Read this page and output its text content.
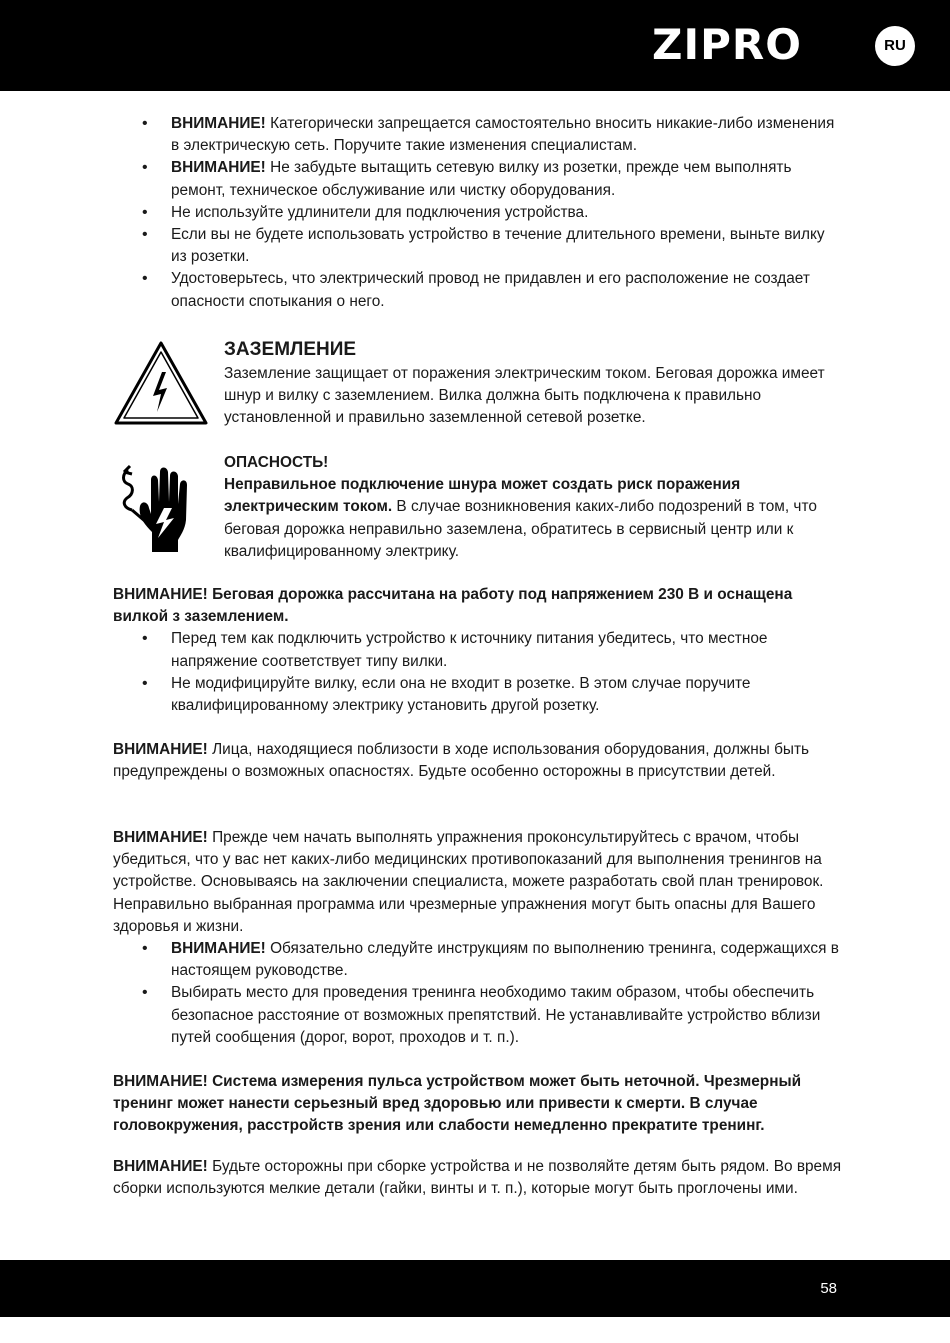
ZIPRO	RU
• ВНИМАНИЕ! Категорически запрещается самостоятельно вносить никакие-либо изменения в электрическую сеть. Поручите такие изменения специалистам.
• ВНИМАНИЕ! Не забудьте вытащить сетевую вилку из розетки, прежде чем выполнять ремонт, техническое обслуживание или чистку оборудования.
• Не используйте удлинители для подключения устройства.
• Если вы не будете использовать устройство в течение длительного времени, выньте вилку из розетки.
• Удостоверьтесь, что электрический провод не придавлен и его расположение не создает опасности спотыкания о него.
ЗАЗЕМЛЕНИЕ

Заземление защищает от поражения электрическим током. Беговая дорожка имеет шнур и вилку с заземлением. Вилка должна быть подключена к правильно установленной и правильно заземленной сетевой розетке.

ОПАСНОСТЬ!

Неправильное подключение шнура может создать риск поражения электрическим током. В случае возникновения каких-либо подозрений в том, что беговая дорожка неправильно заземлена, обратитесь в сервисный центр или к квалифицированному электрику.

ВНИМАНИЕ! Беговая дорожка рассчитана на работу под напряжением 230 В и оснащена вилкой з заземлением.

• Перед тем как подключить устройство к источнику питания убедитесь, что местное напряжение соответствует типу вилки.
• Не модифицируйте вилку, если она не входит в розетке. В этом случае поручите квалифицированному электрику установить другой розетку.

ВНИМАНИЕ! Лица, находящиеся поблизости в ходе использования оборудования, должны быть предупреждены о возможных опасностях. Будьте особенно осторожны в присутствии детей.

ВНИМАНИЕ! Прежде чем начать выполнять упражнения проконсультируйтесь с врачом, чтобы убедиться, что у вас нет каких-либо медицинских противопоказаний для выполнения тренингов на устройстве. Основываясь на заключении специалиста, можете разработать свой план тренировок. Неправильно выбранная программа или чрезмерные упражнения могут быть опасны для Вашего здоровья и жизни.

• ВНИМАНИЕ! Обязательно следуйте инструкциям по выполнению тренинга, содержащихся в настоящем руководстве.
• Выбирать место для проведения тренинга необходимо таким образом, чтобы обеспечить безопасное расстояние от возможных препятствий. Не устанавливайте устройство вблизи путей сообщения (дорог, ворот, проходов и т. п.).

ВНИМАНИЕ! Система измерения пульса устройством может быть неточной. Чрезмерный тренинг может нанести серьезный вред здоровью или привести к смерти. В случае головокружения, расстройств зрения или слабости немедленно прекратите тренинг.

ВНИМАНИЕ! Будьте осторожны при сборке устройства и не позволяйте детям быть рядом. Во время сборки используются мелкие детали (гайки, винты и т. п.), которые могут быть проглочены ими.

58
